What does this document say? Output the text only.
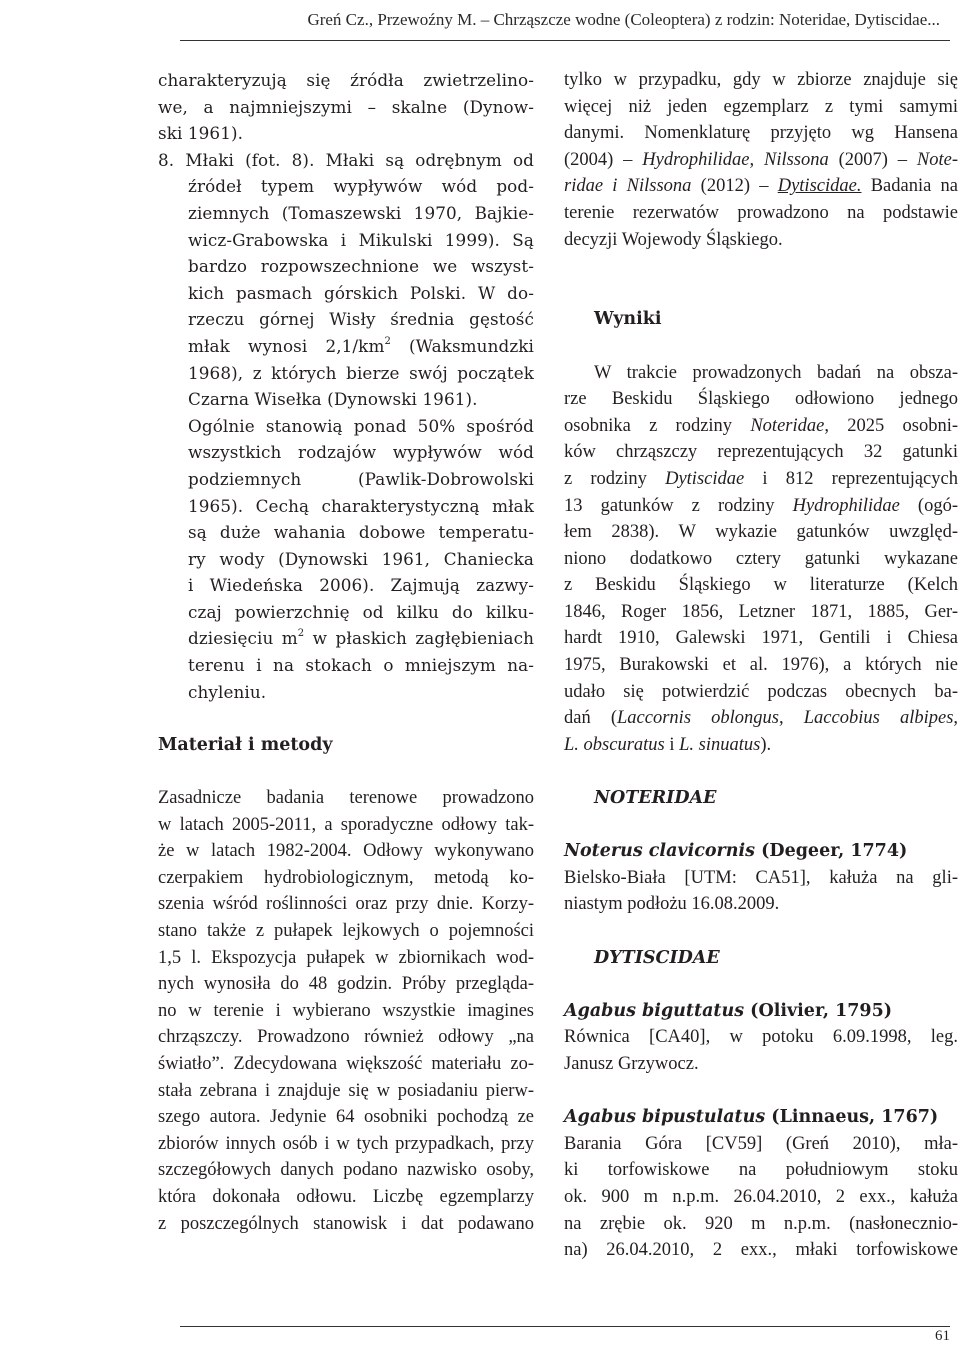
Greń Cz., Przewoźny M. – Chrząszcze wodne (Coleoptera) z rodzin: Noteridae, Dytiscidae...
charakteryzują się źródła zwietrzelino-
we, a najmniejszymi – skalne (Dynow-
ski 1961).
8. Młaki (fot. 8). Młaki są odrębnym od
źródeł typem wypływów wód pod-
ziemnych (Tomaszewski 1970, Bajkie-
wicz-Grabowska i Mikulski 1999). Są
bardzo rozpowszechnione we wszyst-
kich pasmach górskich Polski. W do-
rzeczu górnej Wisły średnia gęstość
młak wynosi $2,1/km^2$ (Waksmundzki
1968), z których bierze swój początek
Czarna Wisełka (Dynowski 1961).
Ogólnie stanowią ponad 50% spośród
wszystkich rodzajów wypływów wód
podziemnych (Pawlik-Dobrowolski
1965). Cechą charakterystyczną młak
są duże wahania dobowe temperatu-
ry wody (Dynowski 1961, Chaniecka
i Wiedeńska 2006). Zajmują zazwy-
czaj powierzchnię od kilku do kilku-
dziesięciu $m^2$ w płaskich zagłębieniach
terenu i na stokach o mniejszym na-
chyleniu.
Materiał i metody
Zasadnicze badania terenowe prowadzono
w latach 2005-2011, a sporadyczne odłowy tak-
że w latach 1982-2004. Odłowy wykonywano
czerpakiem hydrobiologicznym, metodą ko-
szenia wśród roślinności oraz przy dnie. Korzy-
stano także z pułapek lejkowych o pojemności
1,5 l. Ekspozycja pułapek w zbiornikach wod-
nych wynosiła do 48 godzin. Próby przeglądа-
no w terenie i wybierano wszystkie imagines
chrząszczy. Prowadzono również odłowy „na
światło”. Zdecydowana większość materiału zo-
stała zebrana i znajduje się w posiadaniu pierw-
szego autora. Jedynie 64 osobniki pochodzą ze
zbiorów innych osób i w tych przypadkach, przy
szczegółowych danych podano nazwisko osoby,
która dokonała odłowu. Liczbę egzemplarzy
z poszczególnych stanowisk i dat podawano
tylko w przypadku, gdy w zbiorze znajduje się
więcej niż jeden egzemplarz z tymi samymi
danymi. Nomenklaturę przyjęto wg Hansena
(2004) – Hydrophilidae, Nilssona (2007) – Note-
ridae i Nilssona (2012) – Dytiscidae. Badania na
terenie rezerwatów prowadzono na podstawie
decyzji Wojewody Śląskiego.
Wyniki
W trakcie prowadzonych badań na obsza-
rze Beskidu Śląskiego odłowiono jednego
osobnika z rodziny Noteridae, 2025 osobni-
ków chrząszczy reprezentujących 32 gatunki
z rodziny Dytiscidae i 812 reprezentujących
13 gatunków z rodziny Hydrophilidae (ogó-
łem 2838). W wykazie gatunków uwzględ-
niono dodatkowo cztery gatunki wykazane
z Beskidu Śląskiego w literaturze (Kelch
1846, Roger 1856, Letzner 1871, 1885, Ger-
hardt 1910, Galewski 1971, Gentili i Chiesa
1975, Burakowski et al. 1976), a których nie
udało się potwierdzić podczas obecnych ba-
dań (Laccornis oblongus, Laccobius albipes,
L. obscuratus i L. sinuatus).
NOTERIDAE
Noterus clavicornis (Degeer, 1774)
Bielsko-Biała [UTM: CA51], kałuża na gli-
niastym podłożu 16.08.2009.
DYTISCIDAE
Agabus biguttatus (Olivier, 1795)
Równica [CA40], w potoku 6.09.1998, leg.
Janusz Grzywocz.
Agabus bipustulatus (Linnaeus, 1767)
Barania Góra [CV59] (Greń 2010), mła-
ki torfowiskowe na południowym stoku
ok. 900 m n.p.m. 26.04.2010, 2 exx., kałuża
na zrębie ok. 920 m n.p.m. (nasłoneczniо-
na) 26.04.2010, 2 exx., młaki torfowiskowe
61
